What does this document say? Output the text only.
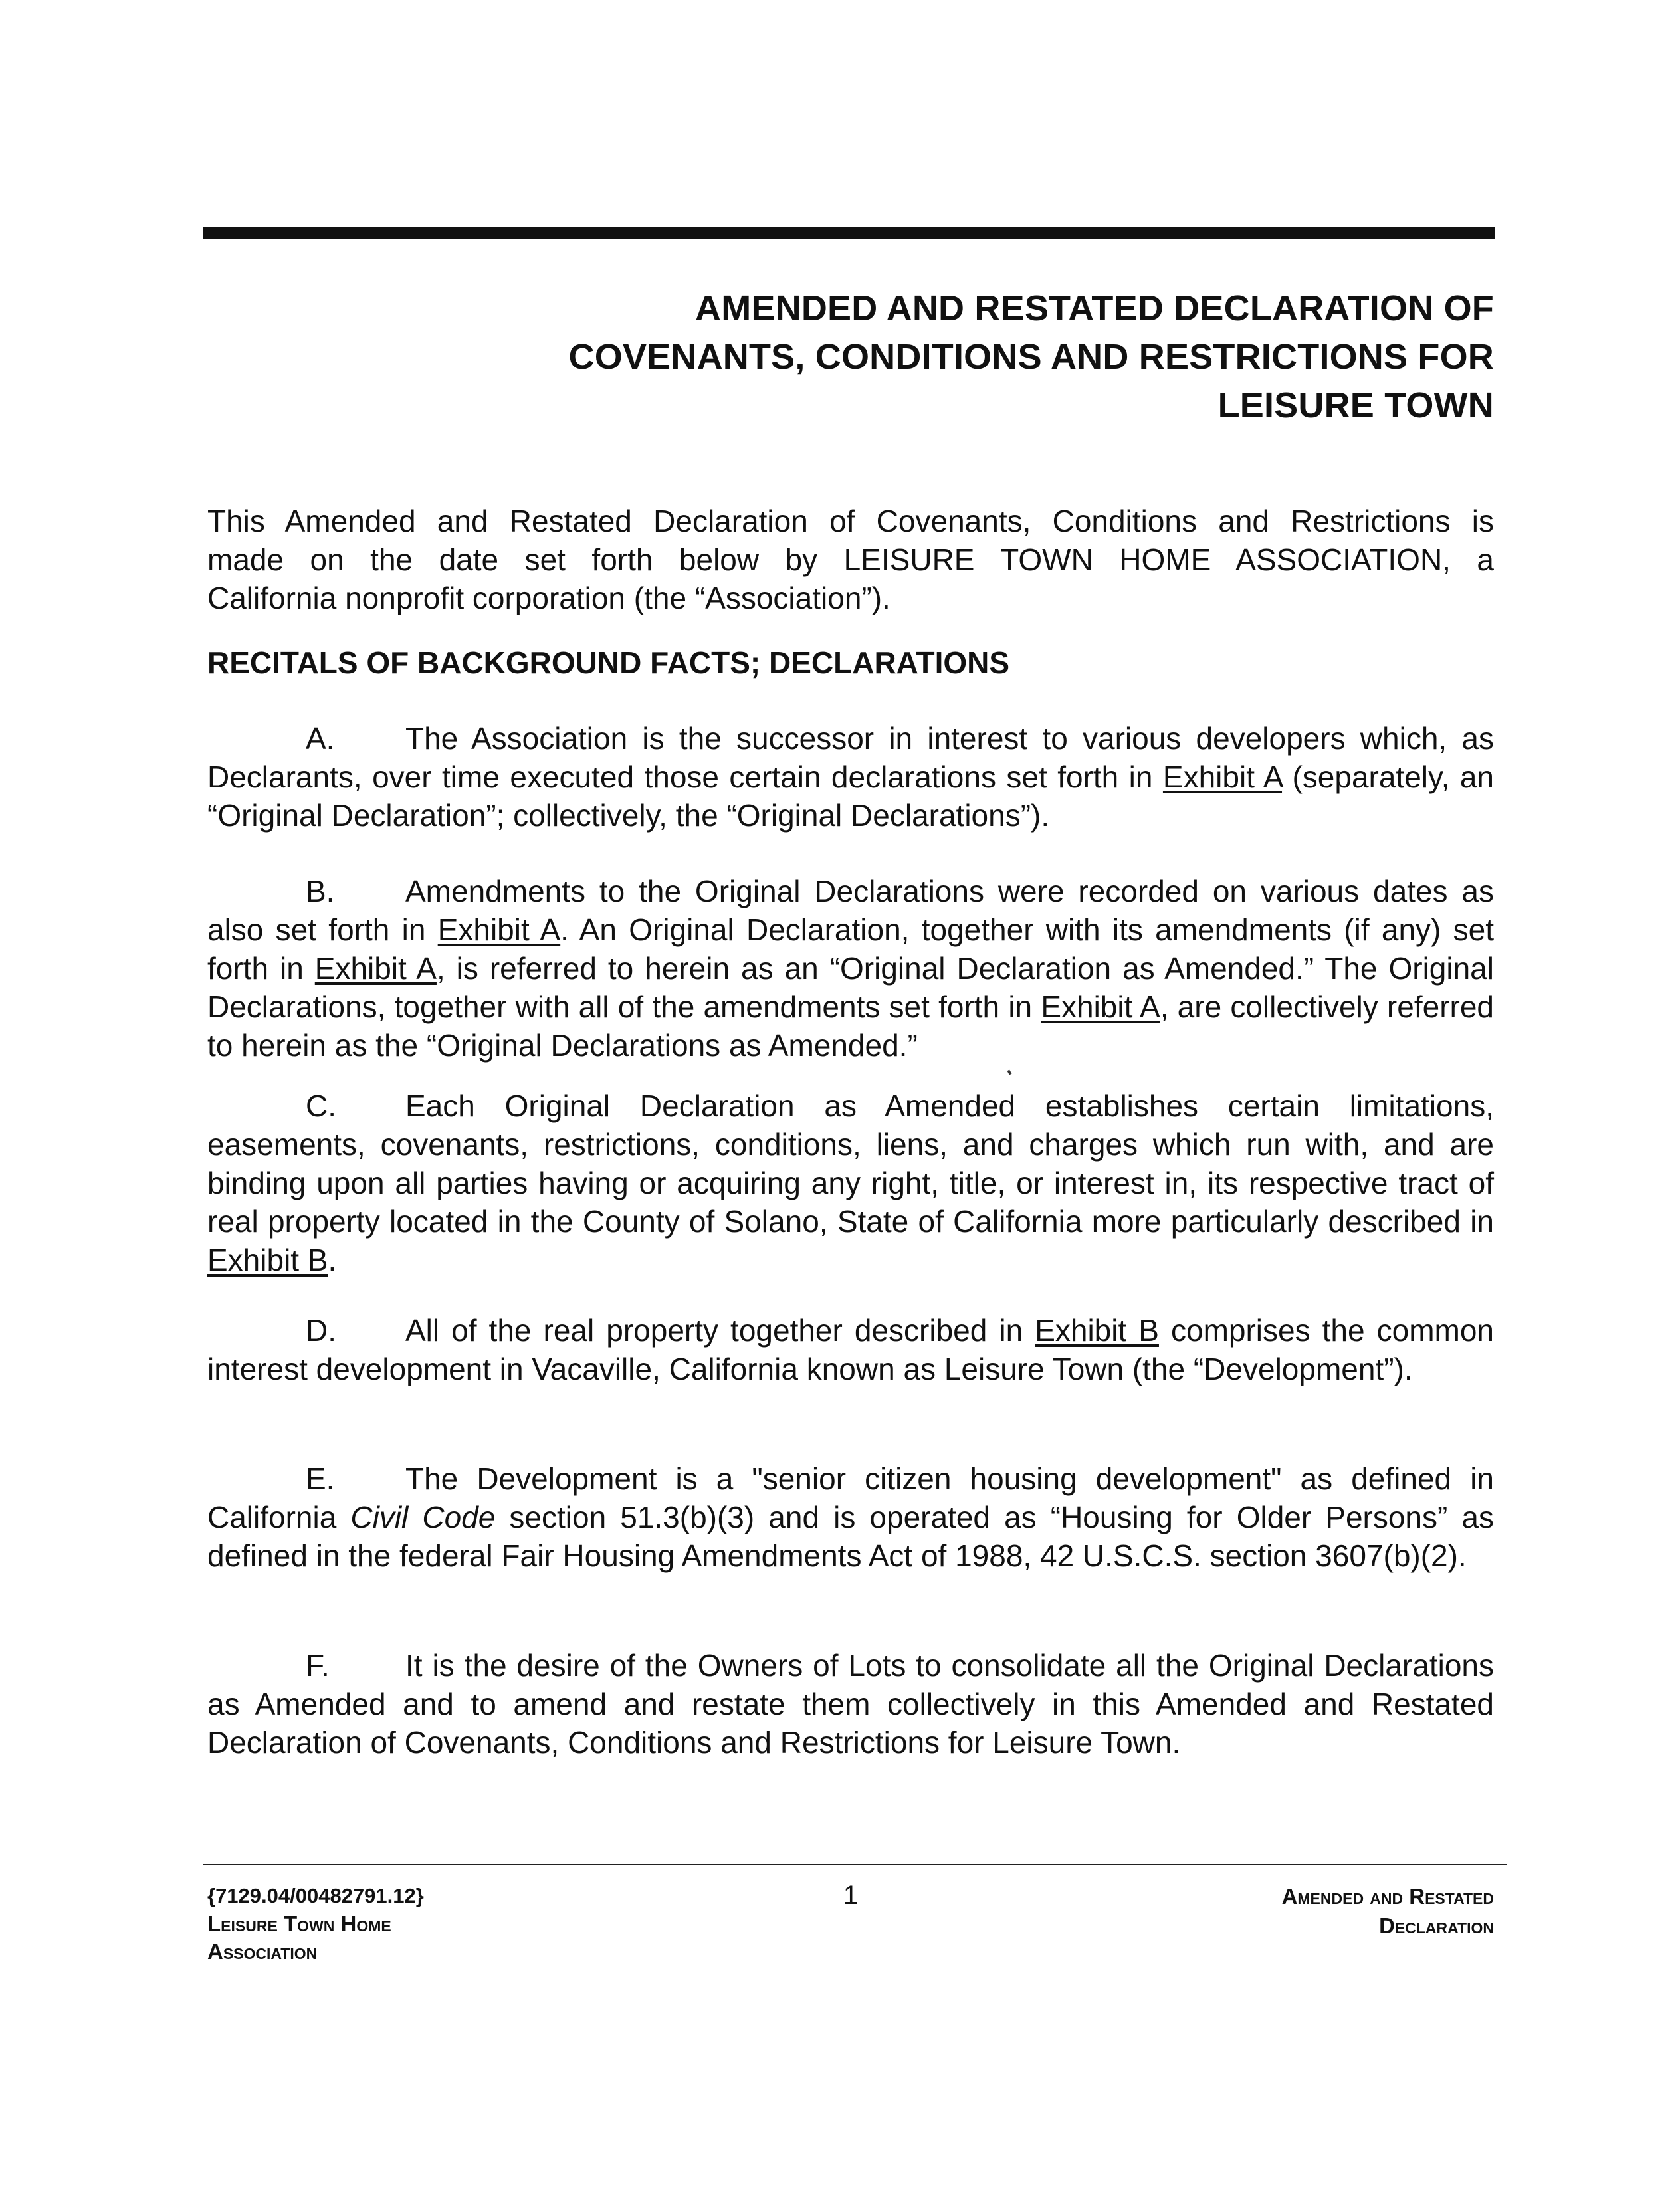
AMENDED AND RESTATED DECLARATION OF
COVENANTS, CONDITIONS AND RESTRICTIONS FOR
LEISURE TOWN
This Amended and Restated Declaration of Covenants, Conditions and Restrictions is
made on the date set forth below by LEISURE TOWN HOME ASSOCIATION, a
California nonprofit corporation (the “Association”).
RECITALS OF BACKGROUND FACTS; DECLARATIONS
A. The Association is the successor in interest to various developers which, as Declarants, over time executed those certain declarations set forth in Exhibit A (separately, an “Original Declaration”; collectively, the “Original Declarations”).
B. Amendments to the Original Declarations were recorded on various dates as also set forth in Exhibit A. An Original Declaration, together with its amendments (if any) set forth in Exhibit A, is referred to herein as an “Original Declaration as Amended.” The Original Declarations, together with all of the amendments set forth in Exhibit A, are collectively referred to herein as the “Original Declarations as Amended.”
C. Each Original Declaration as Amended establishes certain limitations, easements, covenants, restrictions, conditions, liens, and charges which run with, and are binding upon all parties having or acquiring any right, title, or interest in, its respective tract of real property located in the County of Solano, State of California more particularly described in Exhibit B.
D. All of the real property together described in Exhibit B comprises the common interest development in Vacaville, California known as Leisure Town (the “Development”).
E. The Development is a "senior citizen housing development" as defined in California Civil Code section 51.3(b)(3) and is operated as “Housing for Older Persons” as defined in the federal Fair Housing Amendments Act of 1988, 42 U.S.C.S. section 3607(b)(2).
F. It is the desire of the Owners of Lots to consolidate all the Original Declarations as Amended and to amend and restate them collectively in this Amended and Restated Declaration of Covenants, Conditions and Restrictions for Leisure Town.
{7129.04/00482791.12}
Leisure Town Home
Association
1	Amended and Restated
Declaration
